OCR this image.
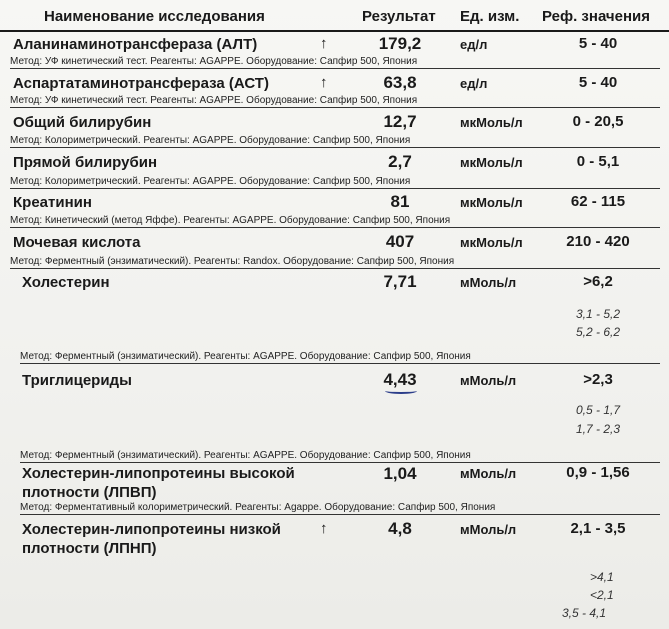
Наименование исследования	Результат Ед. изм. Реф. значения
Аланинаминотрансфераза (АЛТ)	↑	179,2	ед/л	5 - 40
Метод: УФ кинетический тест. Реагенты: AGAPPE. Оборудование: Сапфир 500, Япония
Аспартатаминотрансфераза (АСТ)	↑	63,8	ед/л	5 - 40
Метод: УФ кинетический тест. Реагенты: AGAPPE. Оборудование: Сапфир 500, Япония
Общий билирубин	12,7	мкМоль/л	0 - 20,5
Метод: Колориметрический. Реагенты: AGAPPE. Оборудование: Сапфир 500, Япония
Прямой билирубин	2,7	мкМоль/л	0 - 5,1
Метод: Колориметрический. Реагенты: AGAPPE. Оборудование: Сапфир 500, Япония
Креатинин	81	мкМоль/л	62 - 115
Метод: Кинетический (метод Яффе). Реагенты: AGAPPE. Оборудование: Сапфир 500, Япония
Мочевая кислота	407	мкМоль/л	210 - 420
Метод: Ферментный (энзиматический). Реагенты: Randox. Оборудование: Сапфир 500, Япония
Холестерин	7,71	мМоль/л	>6,2
3,1 - 5,2
5,2 - 6,2
Метод: Ферментный (энзиматический). Реагенты: AGAPPE. Оборудование: Сапфир 500, Япония
Триглицериды	4,43	мМоль/л	>2,3
0,5 - 1,7
1,7 - 2,3
Метод: Ферментный (энзиматический). Реагенты: AGAPPE. Оборудование: Сапфир 500, Япония
Холестерин-липопротеины высокой
плотности (ЛПВП)
1,04	мМоль/л	0,9 - 1,56
Метод: Ферментативный колориметрический. Реагенты: Agappe. Оборудование: Сапфир 500, Япония
Холестерин-липопротеины низкой
плотности (ЛПНП)
↑	4,8	мМоль/л	2,1 - 3,5
>4,1
<2,1
3,5 - 4,1
